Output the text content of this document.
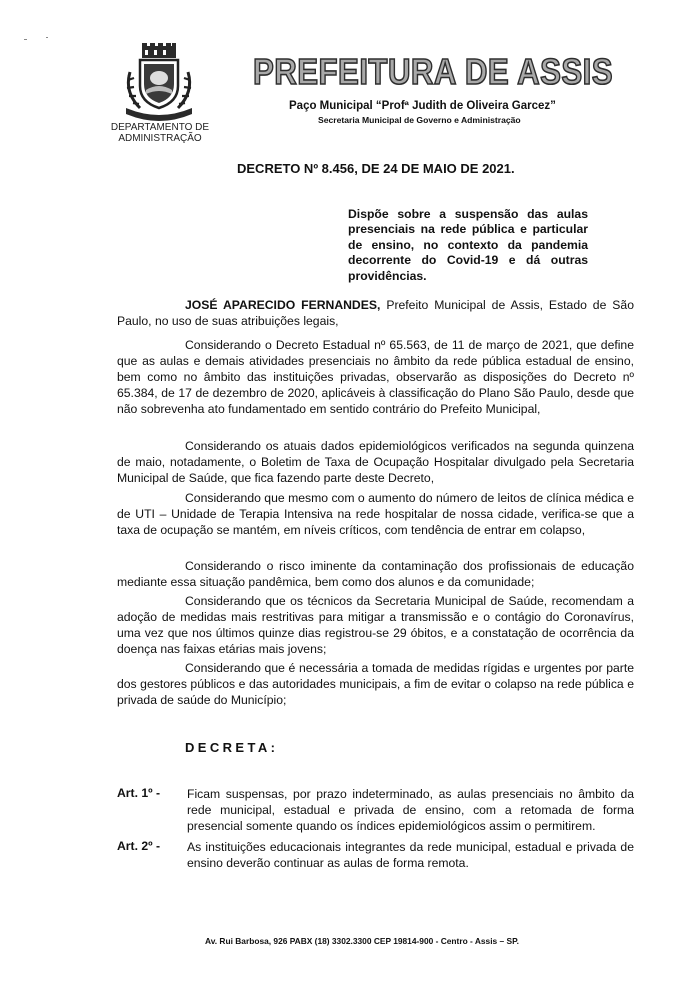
DEPARTAMENTO DE
ADMINISTRAÇÃO
PREFEITURA DE ASSIS
Paço Municipal “Profª Judith de Oliveira Garcez”
Secretaria Municipal de Governo e Administração
DECRETO Nº 8.456, DE 24 DE MAIO DE 2021.
Dispõe sobre a suspensão das aulas presenciais na rede pública e particular de ensino, no contexto da pandemia decorrente do Covid-19 e dá outras providências.
JOSÉ APARECIDO FERNANDES, Prefeito Municipal de Assis, Estado de São Paulo, no uso de suas atribuições legais,
Considerando o Decreto Estadual nº 65.563, de 11 de março de 2021, que define que as aulas e demais atividades presenciais no âmbito da rede pública estadual de ensino, bem como no âmbito das instituições privadas, observarão as disposições do Decreto nº 65.384, de 17 de dezembro de 2020, aplicáveis à classificação do Plano São Paulo, desde que não sobrevenha ato fundamentado em sentido contrário do Prefeito Municipal,
Considerando os atuais dados epidemiológicos verificados na segunda quinzena de maio, notadamente, o Boletim de Taxa de Ocupação Hospitalar divulgado pela Secretaria Municipal de Saúde, que fica fazendo parte deste Decreto,
Considerando que mesmo com o aumento do número de leitos de clínica médica e de UTI – Unidade de Terapia Intensiva na rede hospitalar de nossa cidade, verifica-se que a taxa de ocupação se mantém, em níveis críticos, com tendência de entrar em colapso,
Considerando o risco iminente da contaminação dos profissionais de educação mediante essa situação pandêmica, bem como dos alunos e da comunidade;
Considerando que os técnicos da Secretaria Municipal de Saúde, recomendam a adoção de medidas mais restritivas para mitigar a transmissão e o contágio do Coronavírus, uma vez que nos últimos quinze dias registrou-se 29 óbitos, e a constatação de ocorrência da doença nas faixas etárias mais jovens;
Considerando que é necessária a tomada de medidas rígidas e urgentes por parte dos gestores públicos e das autoridades municipais, a fim de evitar o colapso na rede pública e privada de saúde do Município;
DECRETA:
Art. 1º - Ficam suspensas, por prazo indeterminado, as aulas presenciais no âmbito da rede municipal, estadual e privada de ensino, com a retomada de forma presencial somente quando os índices epidemiológicos assim o permitirem.
Art. 2º - As instituições educacionais integrantes da rede municipal, estadual e privada de ensino deverão continuar as aulas de forma remota.
Av. Rui Barbosa, 926 PABX (18) 3302.3300 CEP 19814-900 - Centro - Assis – SP.
